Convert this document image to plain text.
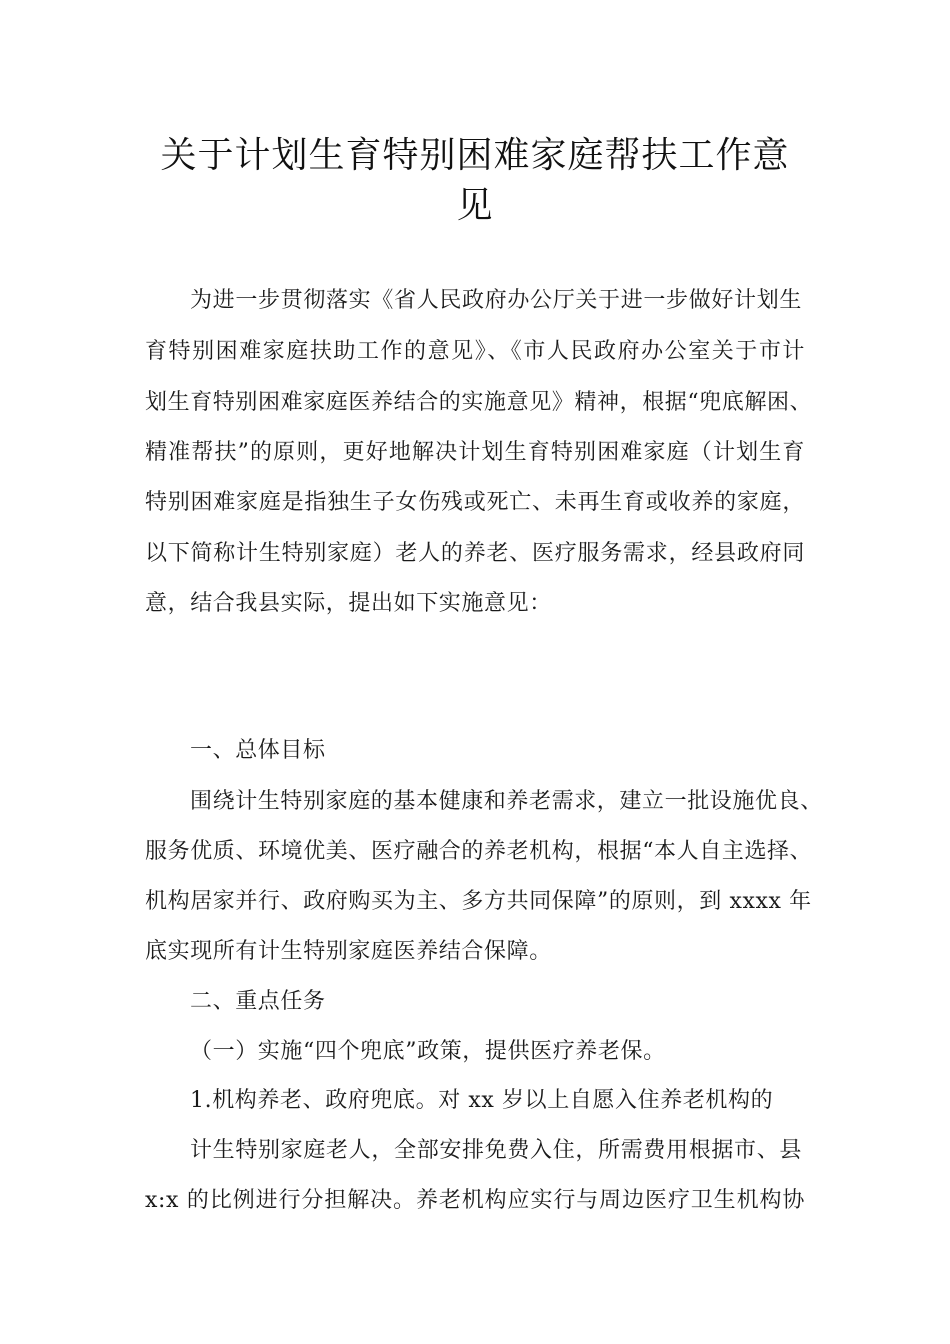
关于计划生育特别困难家庭帮扶工作意
见
为进一步贯彻落实《省人民政府办公厅关于进一步做好计划生
育特别困难家庭扶助工作的意见》、《市人民政府办公室关于市计
划生育特别困难家庭医养结合的实施意见》精神，根据“兜底解困、
精准帮扶”的原则，更好地解决计划生育特别困难家庭（计划生育
特别困难家庭是指独生子女伤残或死亡、未再生育或收养的家庭，
以下简称计生特别家庭）老人的养老、医疗服务需求，经县政府同
意，结合我县实际，提出如下实施意见：
一、总体目标
围绕计生特别家庭的基本健康和养老需求，建立一批设施优良、
服务优质、环境优美、医疗融合的养老机构，根据“本人自主选择、
机构居家并行、政府购买为主、多方共同保障”的原则，到 xxxx 年
底实现所有计生特别家庭医养结合保障。
二、重点任务
（一）实施“四个兜底”政策，提供医疗养老保。
1.机构养老、政府兜底。对 xx 岁以上自愿入住养老机构的
计生特别家庭老人，全部安排免费入住，所需费用根据市、县
x:x 的比例进行分担解决。养老机构应实行与周边医疗卫生机构协
